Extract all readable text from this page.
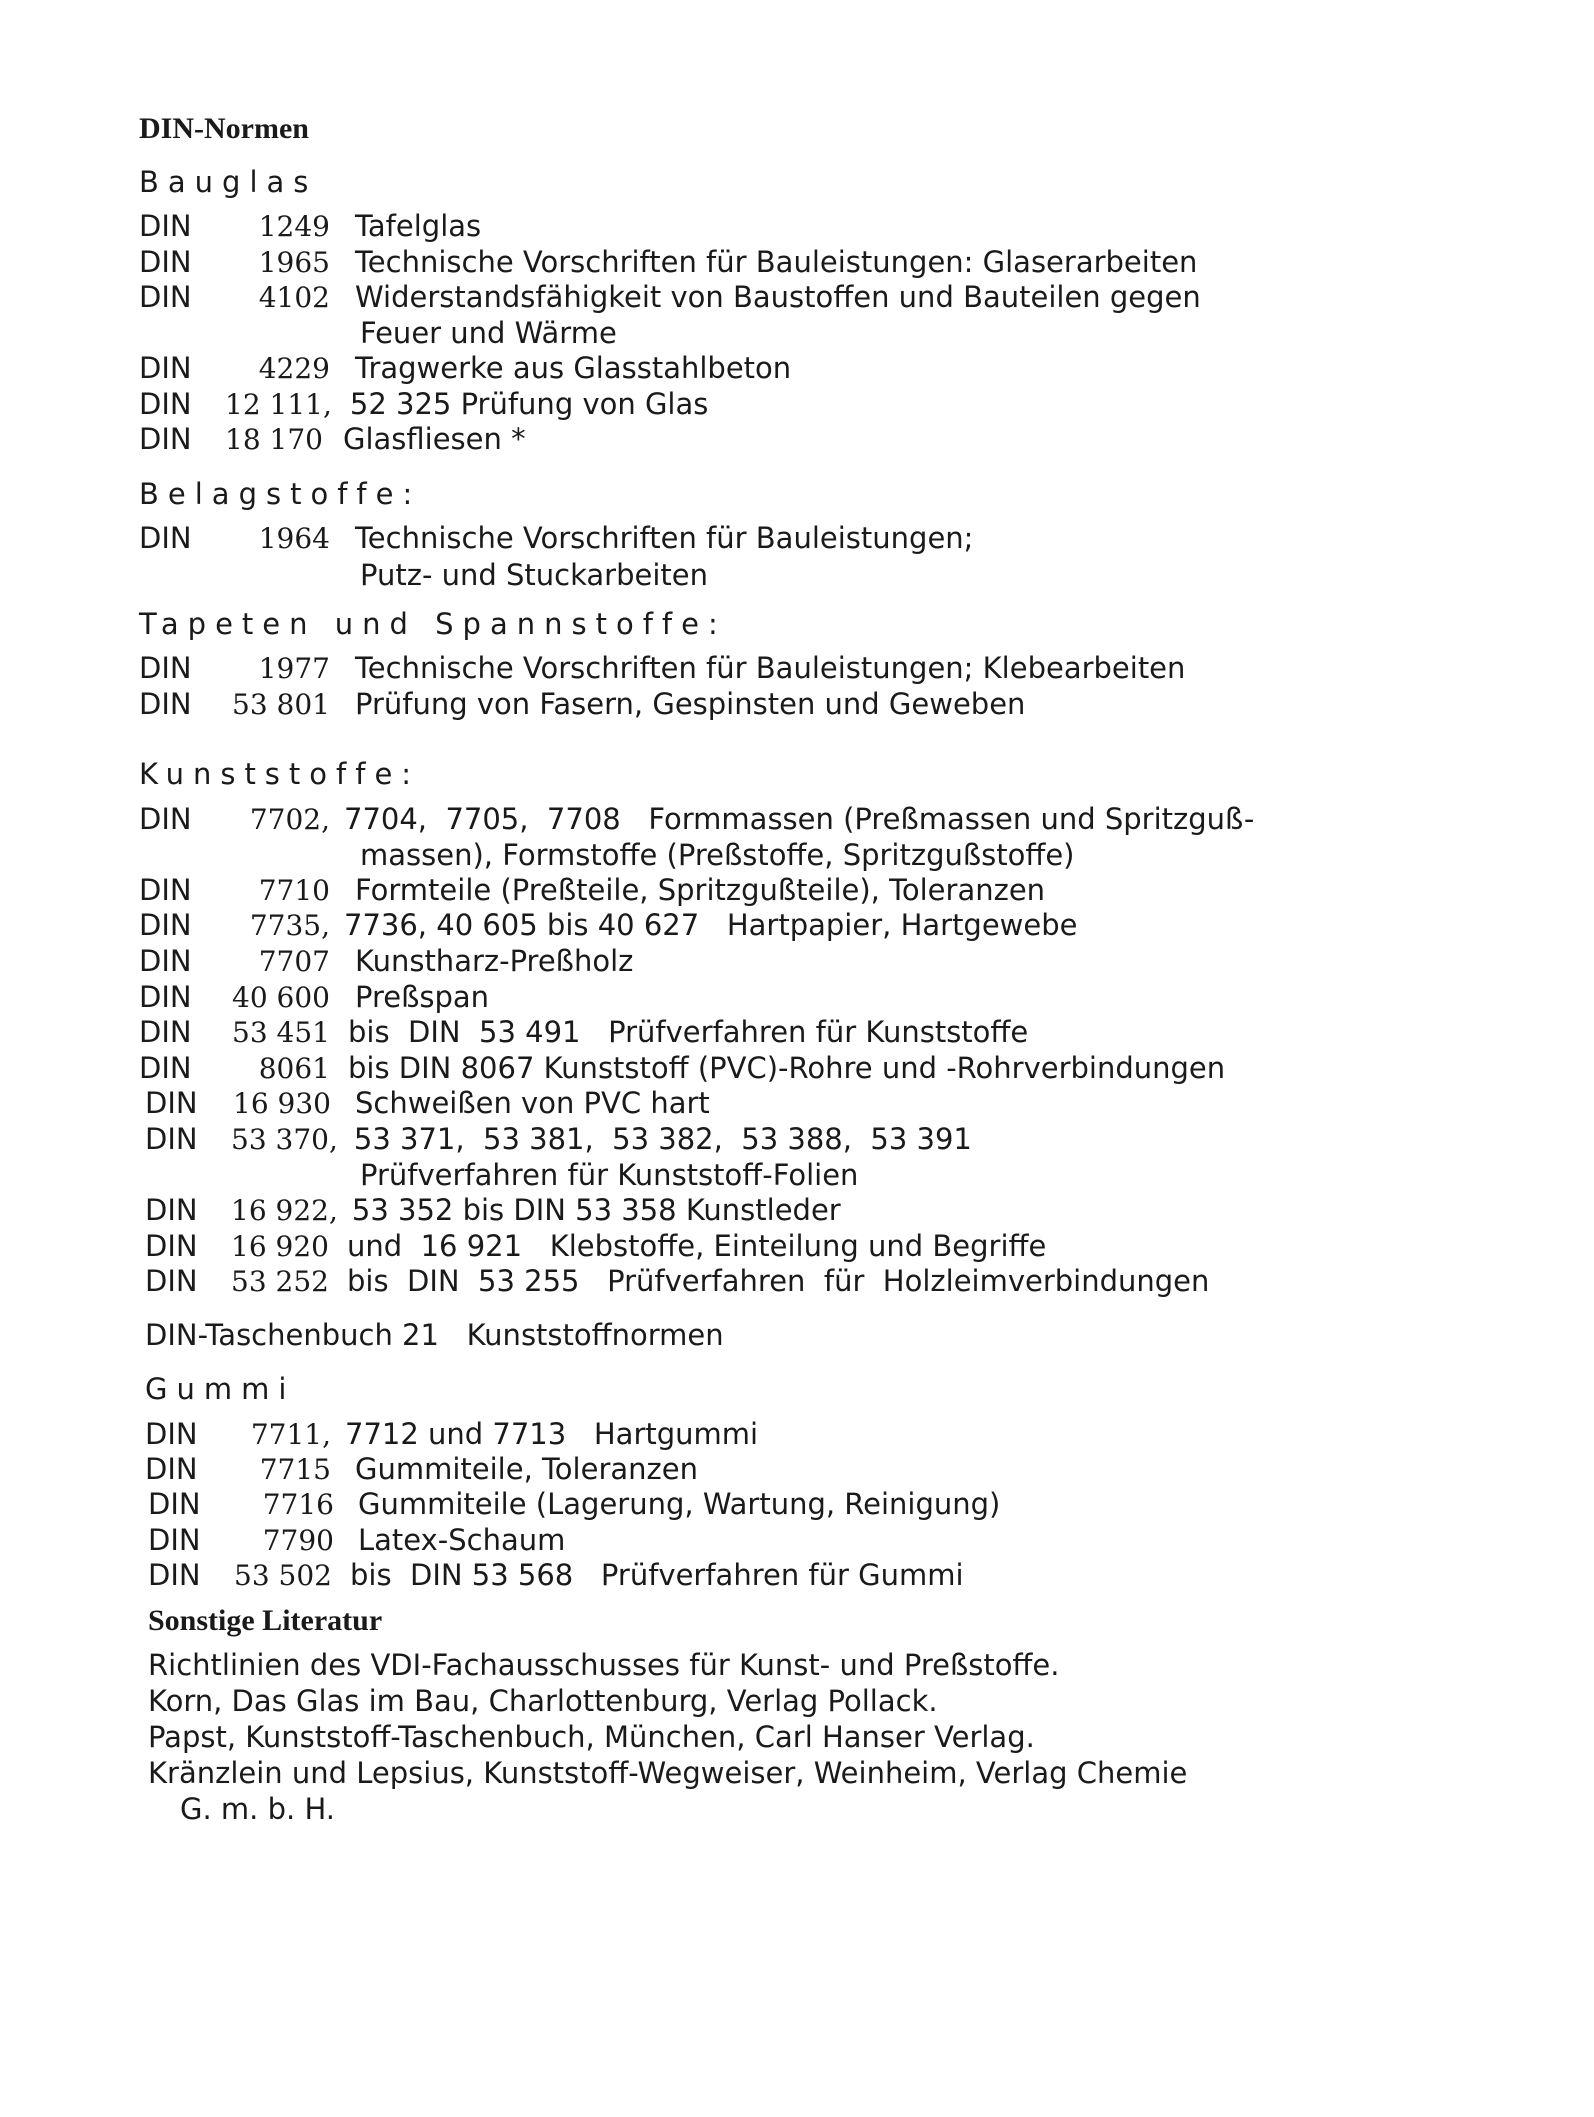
DIN-Normen
Bauglas
DIN 1249 Tafelglas
DIN 1965 Technische Vorschriften für Bauleistungen: Glaserarbeiten
DIN 4102 Widerstandsfähigkeit von Baustoffen und Bauteilen gegen
Feuer und Wärme
DIN 4229 Tragwerke aus Glasstahlbeton
DIN 12 111, 52 325 Prüfung von Glas
DIN 18 170 Glasfliesen *
Belagstoffe:
DIN 1964 Technische Vorschriften für Bauleistungen;
Putz- und Stuckarbeiten
Tapeten und Spannstoffe:
DIN 1977 Technische Vorschriften für Bauleistungen; Klebearbeiten
DIN 53 801 Prüfung von Fasern, Gespinsten und Geweben
Kunststoffe:
DIN 7702, 7704,  7705,  7708   Formmassen (Preßmassen und Spritzguß-
massen), Formstoffe (Preßstoffe, Spritzgußstoffe)
DIN 7710 Formteile (Preßteile, Spritzgußteile), Toleranzen
DIN 7735, 7736, 40 605 bis 40 627   Hartpapier, Hartgewebe
DIN 7707 Kunstharz-Preßholz
DIN 40 600 Preßspan
DIN 53 451 bis  DIN  53 491   Prüfverfahren für Kunststoffe
DIN 8061 bis DIN 8067 Kunststoff (PVC)-Rohre und -Rohrverbindungen
DIN 16 930 Schweißen von PVC hart
DIN 53 370, 53 371,  53 381,  53 382,  53 388,  53 391
Prüfverfahren für Kunststoff-Folien
DIN 16 922, 53 352 bis DIN 53 358 Kunstleder
DIN 16 920 und  16 921   Klebstoffe, Einteilung und Begriffe
DIN 53 252 bis  DIN  53 255   Prüfverfahren  für  Holzleimverbindungen
DIN-Taschenbuch 21   Kunststoffnormen
Gummi
DIN 7711, 7712 und 7713   Hartgummi
DIN 7715 Gummiteile, Toleranzen
DIN 7716 Gummiteile (Lagerung, Wartung, Reinigung)
DIN 7790 Latex-Schaum
DIN 53 502 bis  DIN 53 568   Prüfverfahren für Gummi
Sonstige Literatur
Richtlinien des VDI-Fachausschusses für Kunst- und Preßstoffe.
Korn, Das Glas im Bau, Charlottenburg, Verlag Pollack.
Papst, Kunststoff-Taschenbuch, München, Carl Hanser Verlag.
Kränzlein und Lepsius, Kunststoff-Wegweiser, Weinheim, Verlag Chemie
G. m. b. H.
